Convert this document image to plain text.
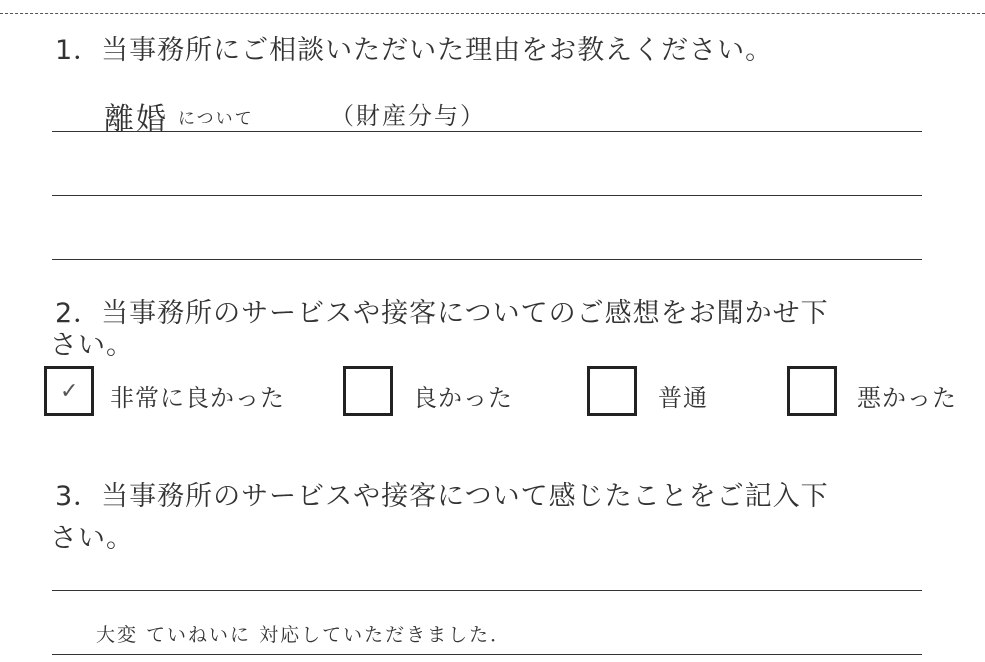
1．当事務所にご相談いただいた理由をお教えください。
離婚 について	（財産分与）
2．当事務所のサービスや接客についてのご感想をお聞かせ下
さい。
✓ 非常に良かった	良かった	普通	悪かった
3．当事務所のサービスや接客について感じたことをご記入下
さい。
大変 ていねいに 対応していただきました．
